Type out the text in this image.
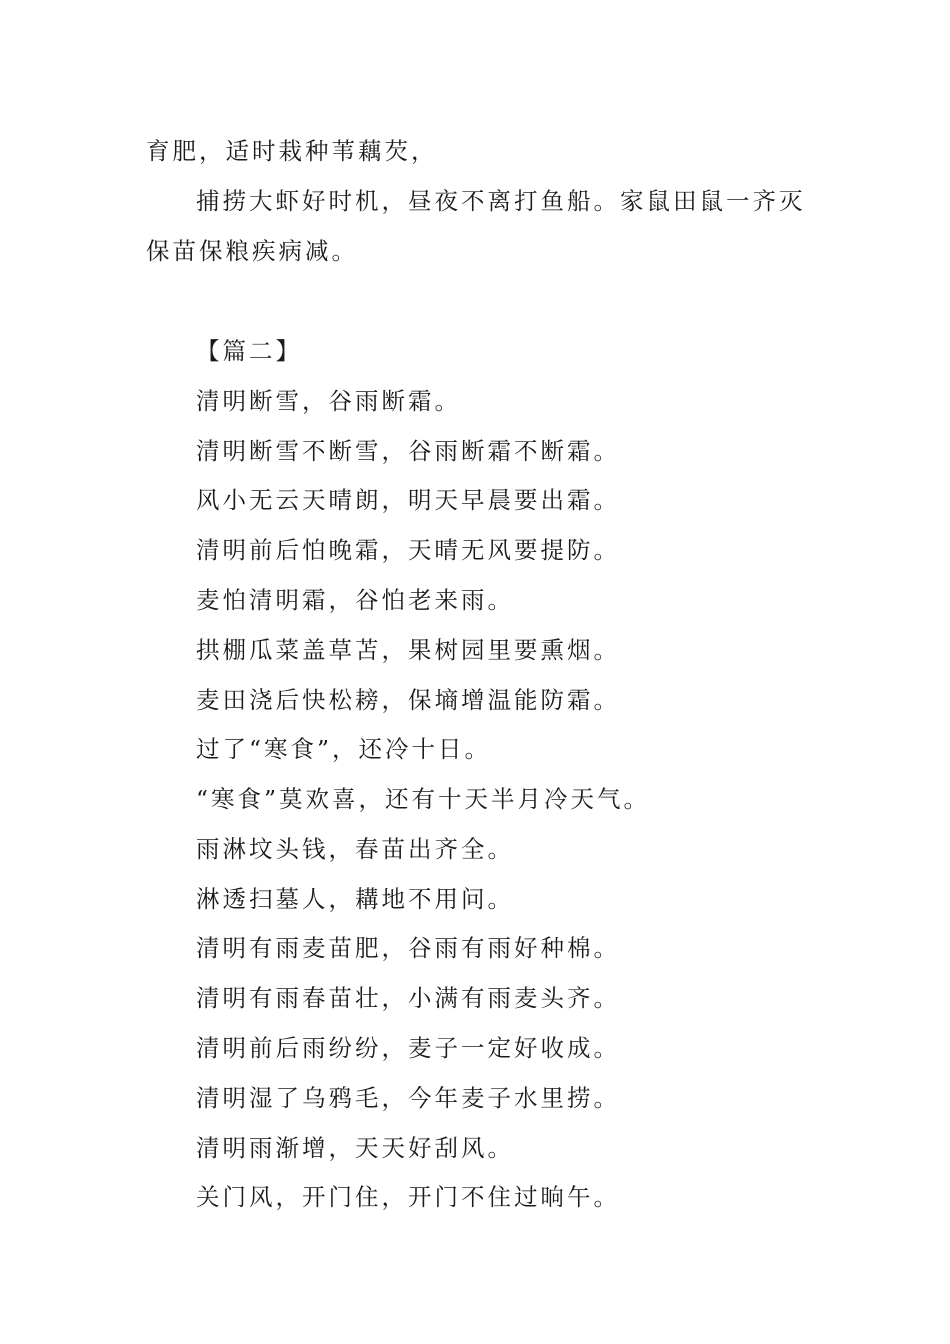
育肥，适时栽种苇藕芡，
捕捞大虾好时机，昼夜不离打鱼船。家鼠田鼠一齐灭
保苗保粮疾病减。
【篇二】
清明断雪，谷雨断霜。
清明断雪不断雪，谷雨断霜不断霜。
风小无云天晴朗，明天早晨要出霜。
清明前后怕晚霜，天晴无风要提防。
麦怕清明霜，谷怕老来雨。
拱棚瓜菜盖草苫，果树园里要熏烟。
麦田浇后快松耪，保墒增温能防霜。
过了“寒食”，还冷十日。
“寒食”莫欢喜，还有十天半月冷天气。
雨淋坟头钱，春苗出齐全。
淋透扫墓人，耩地不用问。
清明有雨麦苗肥，谷雨有雨好种棉。
清明有雨春苗壮，小满有雨麦头齐。
清明前后雨纷纷，麦子一定好收成。
清明湿了乌鸦毛，今年麦子水里捞。
清明雨渐增，天天好刮风。
关门风，开门住，开门不住过晌午。
